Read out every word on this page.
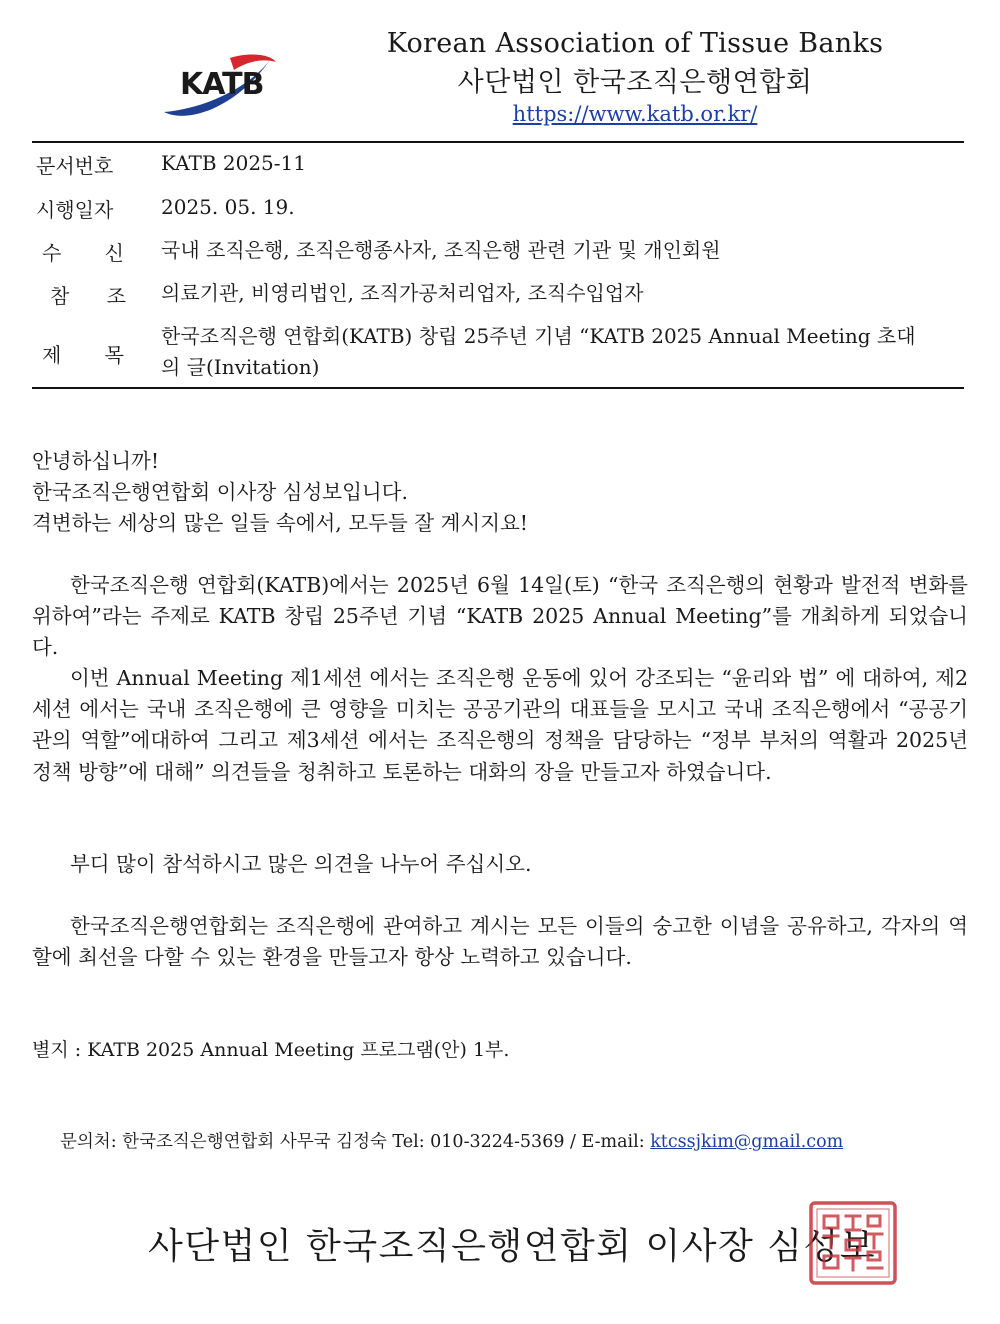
KATB
Korean Association of Tissue Banks
사단법인 한국조직은행연합회
https://www.katb.or.kr/
문서번호	KATB 2025-11
시행일자	2025. 05. 19.
수 신 국내 조직은행, 조직은행종사자, 조직은행 관련 기관 및 개인회원
참 조 의료기관, 비영리법인, 조직가공처리업자, 조직수입업자
제 목
한국조직은행 연합회(KATB) 창립 25주년 기념 “KATB 2025 Annual Meeting 초대의 글(Invitation)
안녕하십니까!
한국조직은행연합회 이사장 심성보입니다.
격변하는 세상의 많은 일들 속에서, 모두들 잘 계시지요!
한국조직은행 연합회(KATB)에서는 2025년 6월 14일(토) “한국 조직은행의 현황과 발전적 변화를 위하여”라는 주제로 KATB 창립 25주년 기념 “KATB 2025 Annual Meeting”를 개최하게 되었습니다.
이번 Annual Meeting 제1세션 에서는 조직은행 운동에 있어 강조되는 “윤리와 법” 에 대하여, 제2세션 에서는 국내 조직은행에 큰 영향을 미치는 공공기관의 대표들을 모시고 국내 조직은행에서 “공공기관의 역할”에대하여 그리고 제3세션 에서는 조직은행의 정책을 담당하는 “정부 부처의 역활과 2025년 정책 방향”에 대해” 의견들을 청취하고 토론하는 대화의 장을 만들고자 하였습니다.
부디 많이 참석하시고 많은 의견을 나누어 주십시오.
한국조직은행연합회는 조직은행에 관여하고 계시는 모든 이들의 숭고한 이념을 공유하고, 각자의 역할에 최선을 다할 수 있는 환경을 만들고자 항상 노력하고 있습니다.
별지 : KATB 2025 Annual Meeting 프로그램(안) 1부.
문의처: 한국조직은행연합회 사무국 김정숙 Tel: 010-3224-5369 / E-mail: ktcssjkim@gmail.com
사단법인 한국조직은행연합회 이사장 심성보
